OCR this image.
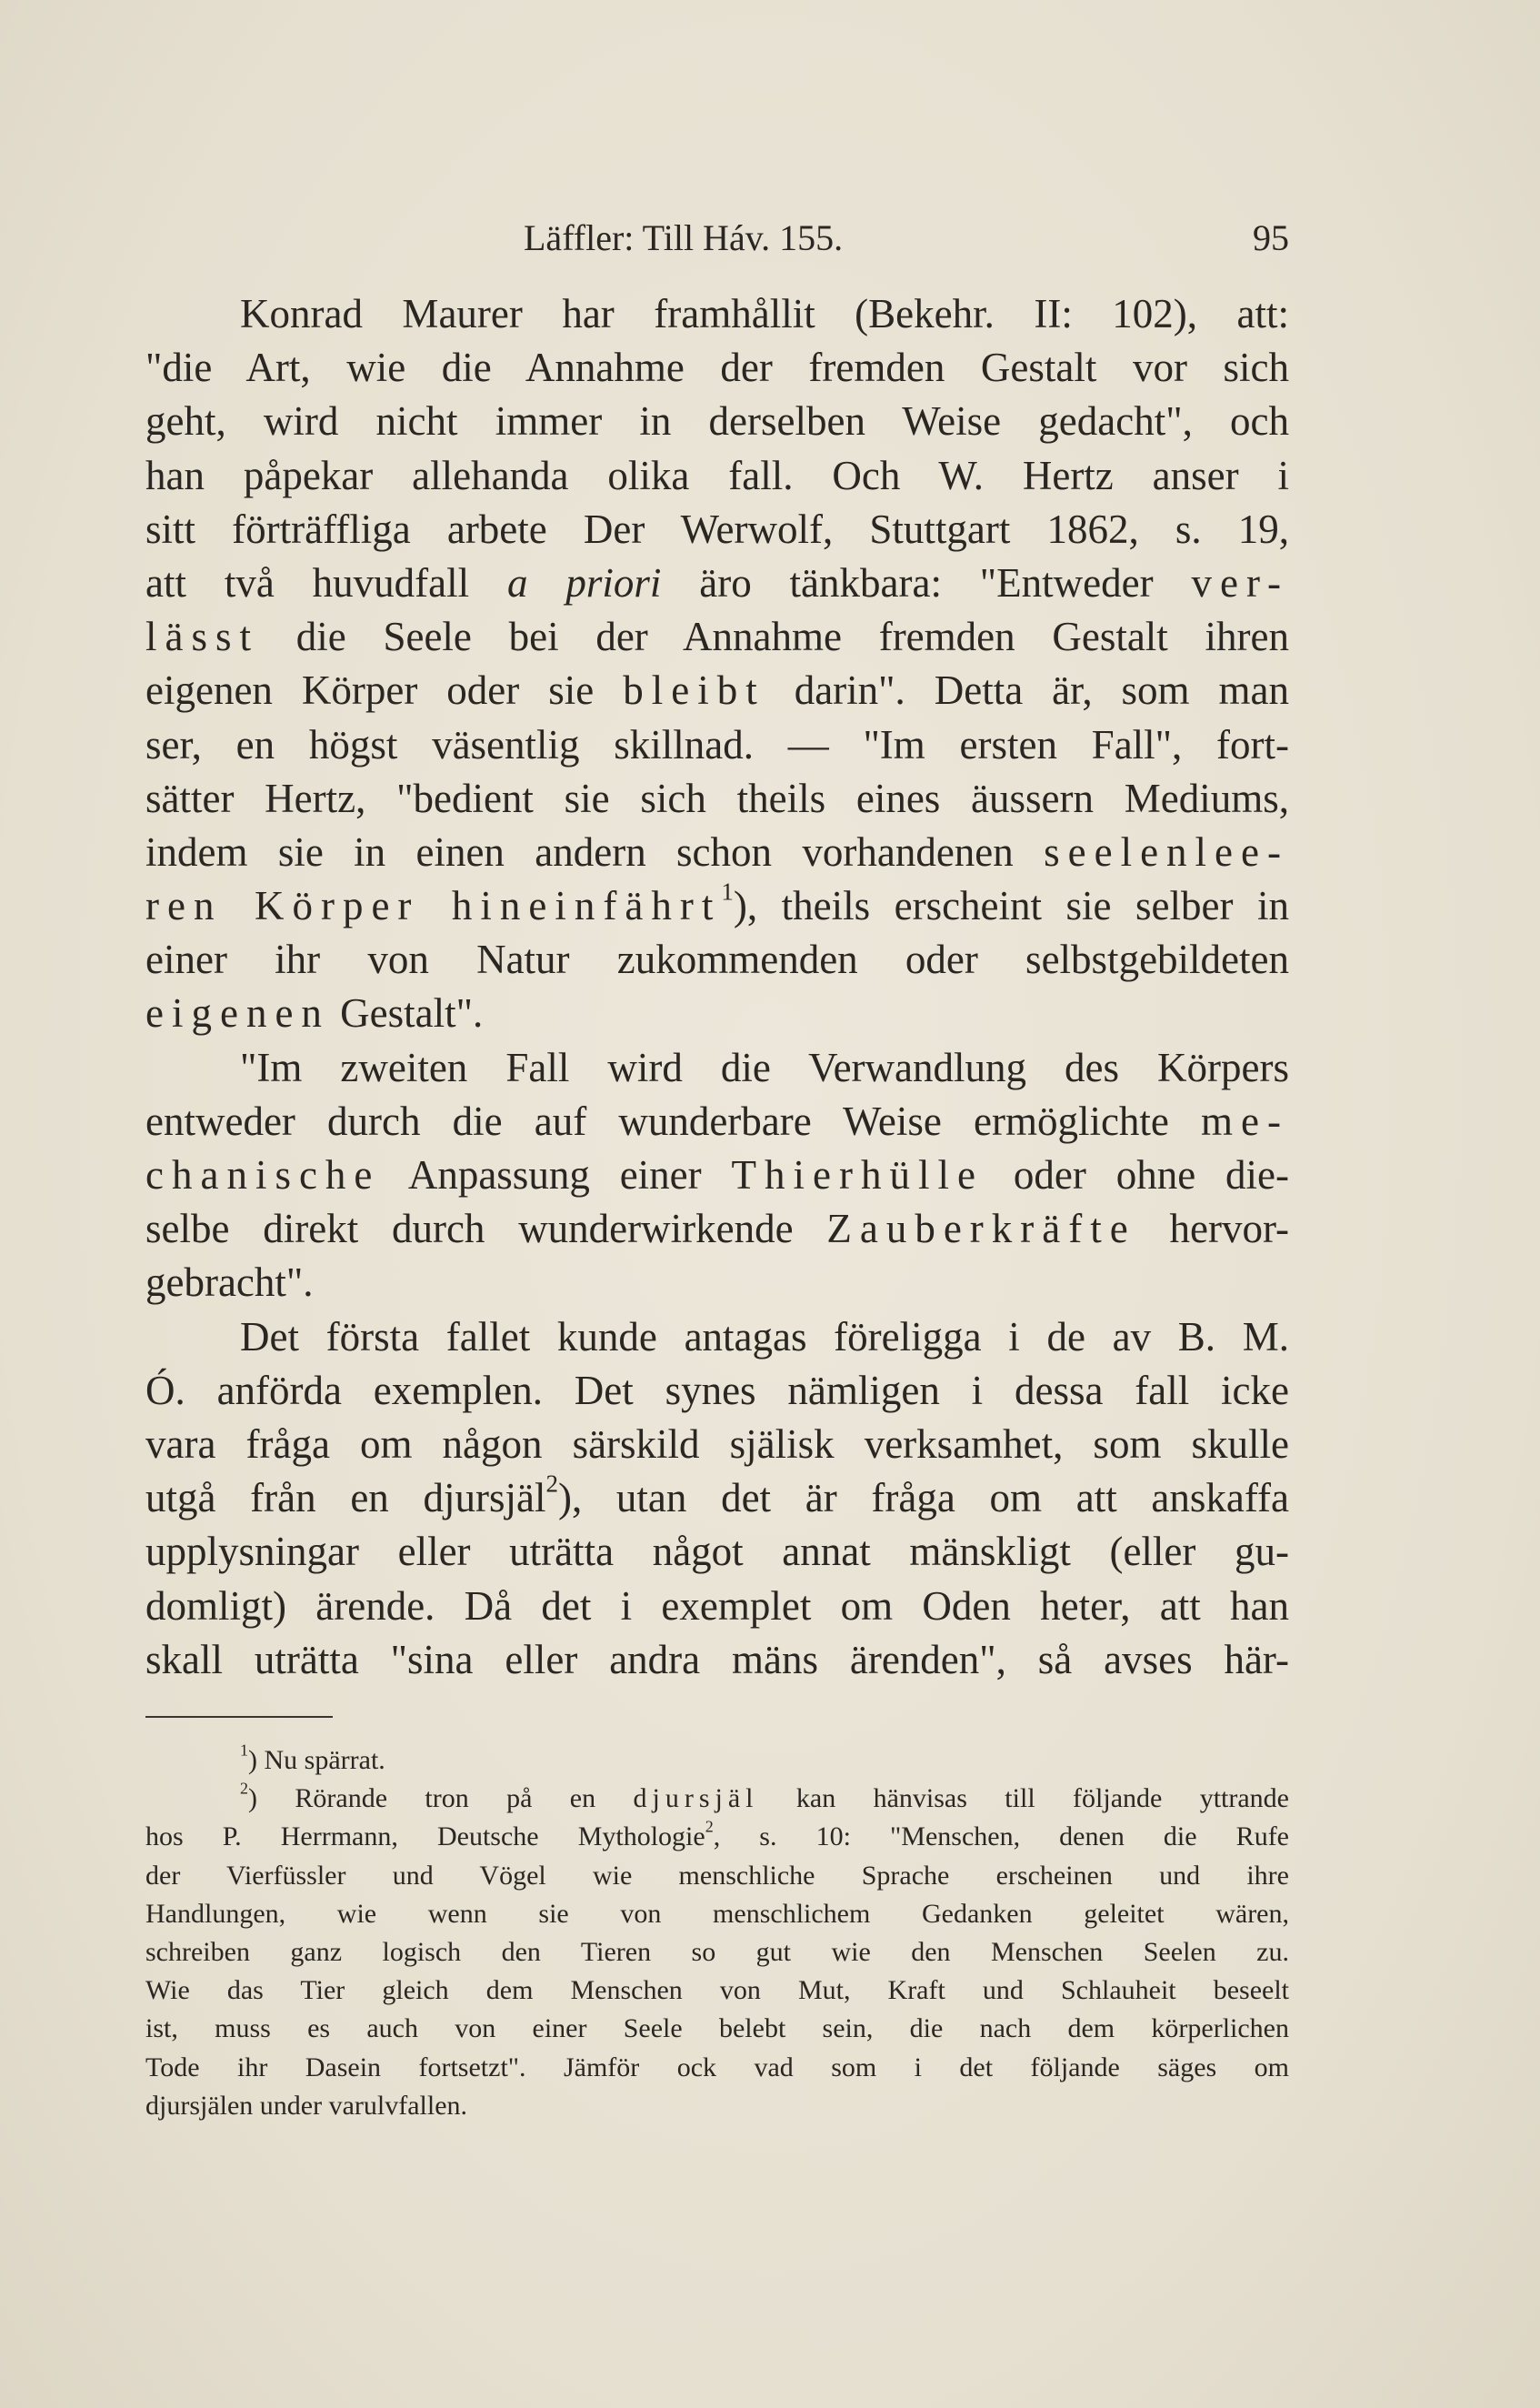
Läffler: Till Háv. 155.	95
Konrad Maurer har framhållit (Bekehr. II: 102), att:
"die Art, wie die Annahme der fremden Gestalt vor sich
geht, wird nicht immer in derselben Weise gedacht", och
han påpekar allehanda olika fall. Och W. Hertz anser i
sitt förträffliga arbete Der Werwolf, Stuttgart 1862, s. 19,
att två huvudfall a priori äro tänkbara: "Entweder ver-
lässt die Seele bei der Annahme fremden Gestalt ihren
eigenen Körper oder sie bleibt darin". Detta är, som man
ser, en högst väsentlig skillnad. — "Im ersten Fall", fort-
sätter Hertz, "bedient sie sich theils eines äussern Mediums,
indem sie in einen andern schon vorhandenen seelenlee-
ren Körper hineinfährt$^1$), theils erscheint sie selber in
einer ihr von Natur zukommenden oder selbstgebildeten
eigenen Gestalt".
"Im zweiten Fall wird die Verwandlung des Körpers
entweder durch die auf wunderbare Weise ermöglichte me-
chanische Anpassung einer Thierhülle oder ohne die-
selbe direkt durch wunderwirkende Zauberkräfte hervor-
gebracht".
Det första fallet kunde antagas föreligga i de av B. M.
Ó. anförda exemplen. Det synes nämligen i dessa fall icke
vara fråga om någon särskild själisk verksamhet, som skulle
utgå från en djursjäl$^2$), utan det är fråga om att anskaffa
upplysningar eller uträtta något annat mänskligt (eller gu-
domligt) ärende. Då det i exemplet om Oden heter, att han
skall uträtta "sina eller andra mäns ärenden", så avses här-
$^1$) Nu spärrat.
$^2$) Rörande tron på en djursjäl kan hänvisas till följande yttrande
hos P. Herrmann, Deutsche Mythologie$^2$, s. 10: "Menschen, denen die Rufe
der Vierfüssler und Vögel wie menschliche Sprache erscheinen und ihre
Handlungen, wie wenn sie von menschlichem Gedanken geleitet wären,
schreiben ganz logisch den Tieren so gut wie den Menschen Seelen zu.
Wie das Tier gleich dem Menschen von Mut, Kraft und Schlauheit beseelt
ist, muss es auch von einer Seele belebt sein, die nach dem körperlichen
Tode ihr Dasein fortsetzt". Jämför ock vad som i det följande säges om
djursjälen under varulvfallen.
